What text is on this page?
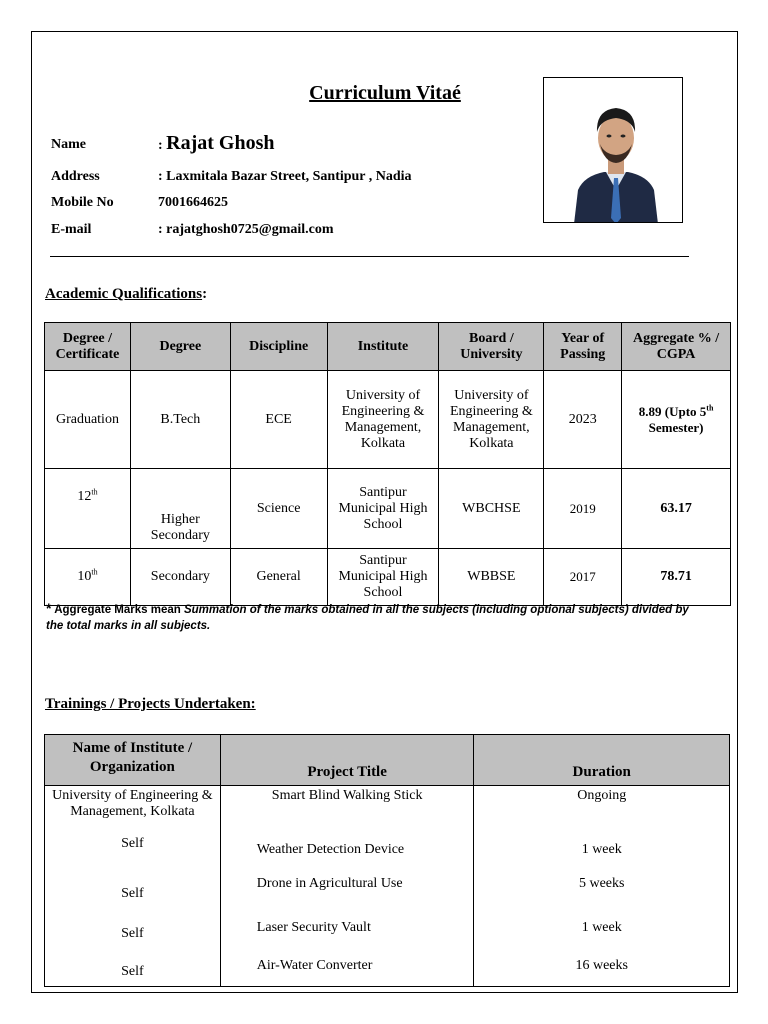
Curriculum Vitaé
Name	: Rajat Ghosh
Address	: Laxmitala Bazar Street, Santipur , Nadia
Mobile No	7001664625
E-mail	: rajatghosh0725@gmail.com
Academic Qualifications:
Degree / Certificate	Degree	Discipline	Institute	Board / University	Year of Passing	Aggregate % / CGPA
Graduation	B.Tech	ECE	University of Engineering & Management, Kolkata	University of Engineering & Management, Kolkata	2023	8.89 (Upto 5th
Semester)
12th	Higher Secondary	Science	Santipur Municipal High School	WBCHSE	2019	63.17
10th	Secondary	General	Santipur Municipal High School	WBBSE	2017	78.71
* Aggregate Marks mean Summation of the marks obtained in all the subjects (including optional subjects) divided by the total marks in all subjects.
Trainings / Projects Undertaken:
Name of Institute / Organization	Project Title	Duration
University of Engineering & Management, Kolkata	Smart Blind Walking Stick	Ongoing
Self	Weather Detection Device	1 week
Self	Drone in Agricultural Use	5 weeks
Self	Laser Security Vault	1 week
Self	Air-Water Converter	16 weeks
